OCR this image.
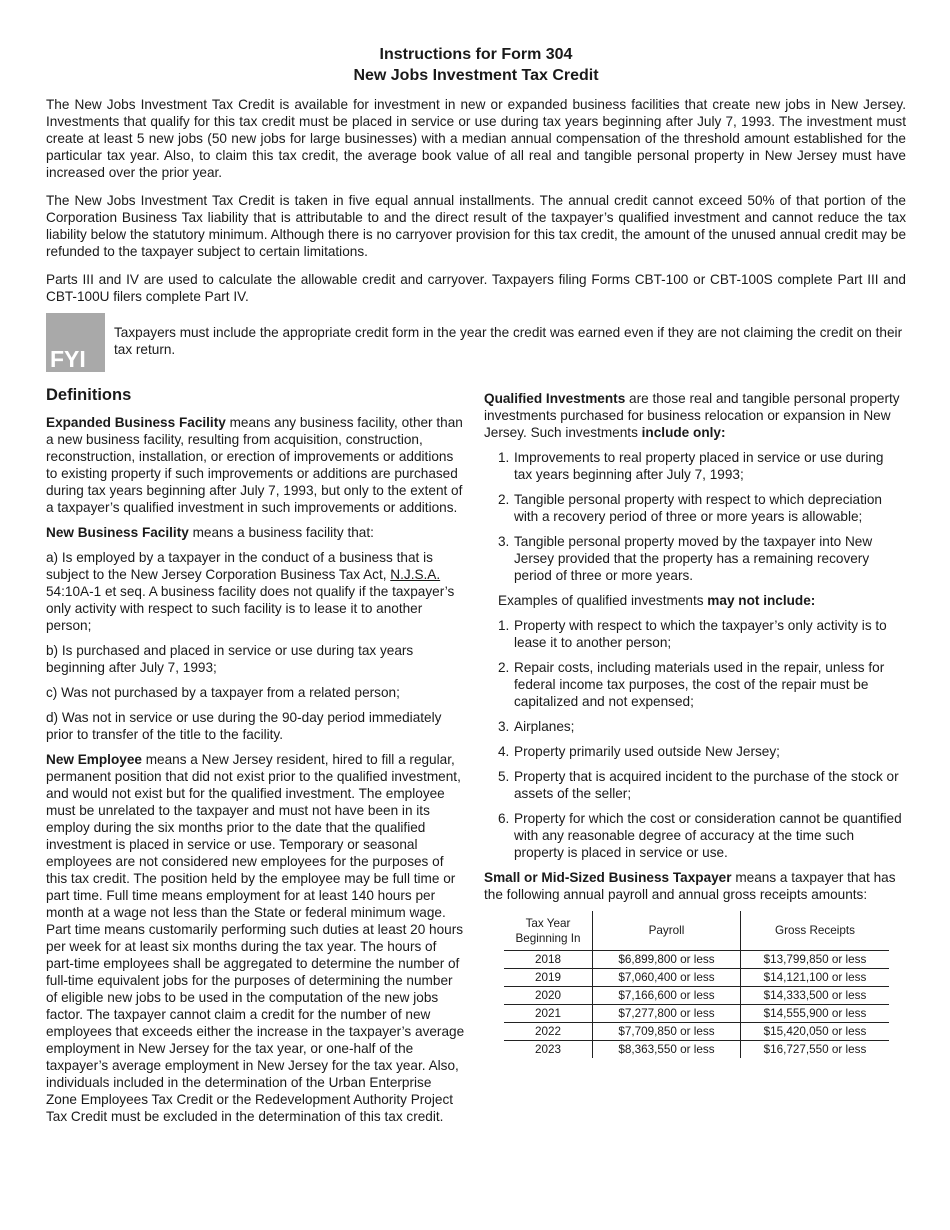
Instructions for Form 304

New Jobs Investment Tax Credit

The New Jobs Investment Tax Credit is available for investment in new or expanded business facilities that create new jobs in New Jersey. Investments that qualify for this tax credit must be placed in service or use during tax years beginning after July 7, 1993. The investment must create at least 5 new jobs (50 new jobs for large businesses) with a median annual compensation of the threshold amount established for the particular tax year. Also, to claim this tax credit, the average book value of all real and tangible personal property in New Jersey must have increased over the prior year.

The New Jobs Investment Tax Credit is taken in five equal annual installments. The annual credit cannot exceed 50% of that portion of the Corporation Business Tax liability that is attributable to and the direct result of the taxpayer’s qualified investment and cannot reduce the tax liability below the statutory minimum. Although there is no carryover provision for this tax credit, the amount of the unused annual credit may be refunded to the taxpayer subject to certain limitations.

Parts III and IV are used to calculate the allowable credit and carryover. Taxpayers filing Forms CBT-100 or CBT-100S complete Part III and CBT-100U filers complete Part IV.

FYI
Taxpayers must include the appropriate credit form in the year the credit was earned even if they are not claiming the credit on their tax return.
Definitions

Expanded Business Facility means any business facility, other than a new business facility, resulting from acquisition, construction, reconstruction, installation, or erection of improvements or additions to existing property if such improvements or additions are purchased during tax years beginning after July 7, 1993, but only to the extent of a taxpayer’s qualified investment in such improvements or additions.

New Business Facility means a business facility that:

a) Is employed by a taxpayer in the conduct of a business that is subject to the New Jersey Corporation Business Tax Act, N.J.S.A. 54:10A-1 et seq. A business facility does not qualify if the taxpayer’s only activity with respect to such facility is to lease it to another person;

b) Is purchased and placed in service or use during tax years beginning after July 7, 1993;

c) Was not purchased by a taxpayer from a related person;

d) Was not in service or use during the 90-day period immediately prior to transfer of the title to the facility.

New Employee means a New Jersey resident, hired to fill a regular, permanent position that did not exist prior to the qualified investment, and would not exist but for the qualified investment. The employee must be unrelated to the taxpayer and must not have been in its employ during the six months prior to the date that the qualified investment is placed in service or use. Temporary or seasonal employees are not considered new employees for the purposes of this tax credit. The position held by the employee may be full time or part time. Full time means employment for at least 140 hours per month at a wage not less than the State or federal minimum wage. Part time means customarily performing such duties at least 20 hours per week for at least six months during the tax year. The hours of part-time employees shall be aggregated to determine the number of full-time equivalent jobs for the purposes of determining the number of eligible new jobs to be used in the computation of the new jobs factor. The taxpayer cannot claim a credit for the number of new employees that exceeds either the increase in the taxpayer’s average employment in New Jersey for the tax year, or one-half of the taxpayer’s average employment in New Jersey for the tax year. Also, individuals included in the determination of the Urban Enterprise Zone Employees Tax Credit or the Redevelopment Authority Project Tax Credit must be excluded in the determination of this tax credit.

Qualified Investments are those real and tangible personal property investments purchased for business relocation or expansion in New Jersey. Such investments include only:

1. Improvements to real property placed in service or use during tax years beginning after July 7, 1993;
2. Tangible personal property with respect to which depreciation with a recovery period of three or more years is allowable;
3. Tangible personal property moved by the taxpayer into New Jersey provided that the property has a remaining recovery period of three or more years.

Examples of qualified investments may not include:

1. Property with respect to which the taxpayer’s only activity is to lease it to another person;
2. Repair costs, including materials used in the repair, unless for federal income tax purposes, the cost of the repair must be capitalized and not expensed;
3. Airplanes;
4. Property primarily used outside New Jersey;
5. Property that is acquired incident to the purchase of the stock or assets of the seller;
6. Property for which the cost or consideration cannot be quantified with any reasonable degree of accuracy at the time such property is placed in service or use.

Small or Mid-Sized Business Taxpayer means a taxpayer that has the following annual payroll and annual gross receipts amounts:

Tax Year Beginning In	Payroll	Gross Receipts
2018	$6,899,800 or less	$13,799,850 or less
2019	$7,060,400 or less	$14,121,100 or less
2020	$7,166,600 or less	$14,333,500 or less
2021	$7,277,800 or less	$14,555,900 or less
2022	$7,709,850 or less	$15,420,050 or less
2023	$8,363,550 or less	$16,727,550 or less
